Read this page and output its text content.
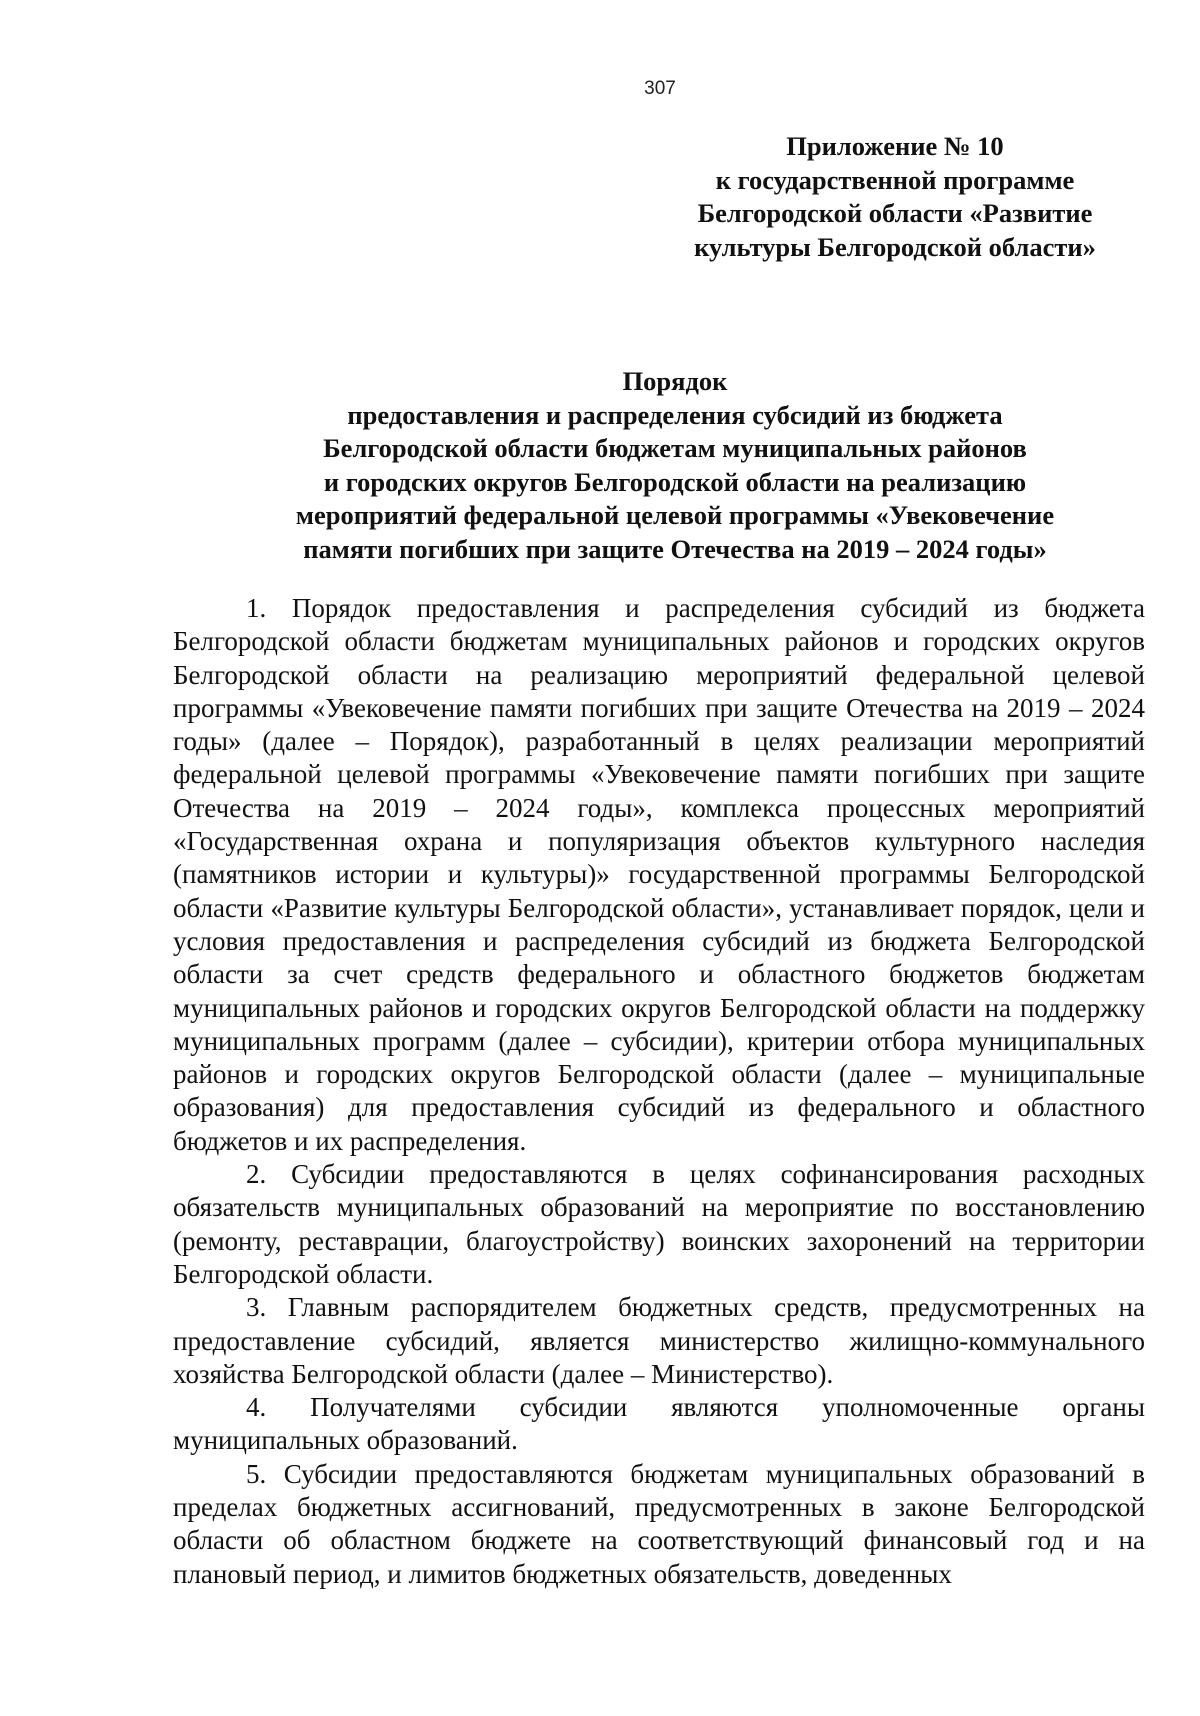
307
Приложение № 10
к государственной программе
Белгородской области «Развитие
культуры Белгородской области»
Порядок
предоставления и распределения субсидий из бюджета
Белгородской области бюджетам муниципальных районов
и городских округов Белгородской области на реализацию
мероприятий федеральной целевой программы «Увековечение
памяти погибших при защите Отечества на 2019 – 2024 годы»

1. Порядок предоставления и распределения субсидий из бюджета Белгородской области бюджетам муниципальных районов и городских округов Белгородской области на реализацию мероприятий федеральной целевой программы «Увековечение памяти погибших при защите Отечества на 2019 – 2024 годы» (далее – Порядок), разработанный в целях реализации мероприятий федеральной целевой программы «Увековечение памяти погибших при защите Отечества на 2019 – 2024 годы», комплекса процессных мероприятий «Государственная охрана и популяризация объектов культурного наследия (памятников истории и культуры)» государственной программы Белгородской области «Развитие культуры Белгородской области», устанавливает порядок, цели и условия предоставления и распределения субсидий из бюджета Белгородской области за счет средств федерального и областного бюджетов бюджетам муниципальных районов и городских округов Белгородской области на поддержку муниципальных программ (далее – субсидии), критерии отбора муниципальных районов и городских округов Белгородской области (далее – муниципальные образования) для предоставления субсидий из федерального и областного бюджетов и их распределения.

2. Субсидии предоставляются в целях софинансирования расходных обязательств муниципальных образований на мероприятие по восстановлению (ремонту, реставрации, благоустройству) воинских захоронений на территории Белгородской области.

3. Главным распорядителем бюджетных средств, предусмотренных на предоставление субсидий, является министерство жилищно-коммунального хозяйства Белгородской области (далее – Министерство).

4. Получателями субсидии являются уполномоченные органы муниципальных образований.

5. Субсидии предоставляются бюджетам муниципальных образований в пределах бюджетных ассигнований, предусмотренных в законе Белгородской области об областном бюджете на соответствующий финансовый год и на плановый период, и лимитов бюджетных обязательств, доведенных
